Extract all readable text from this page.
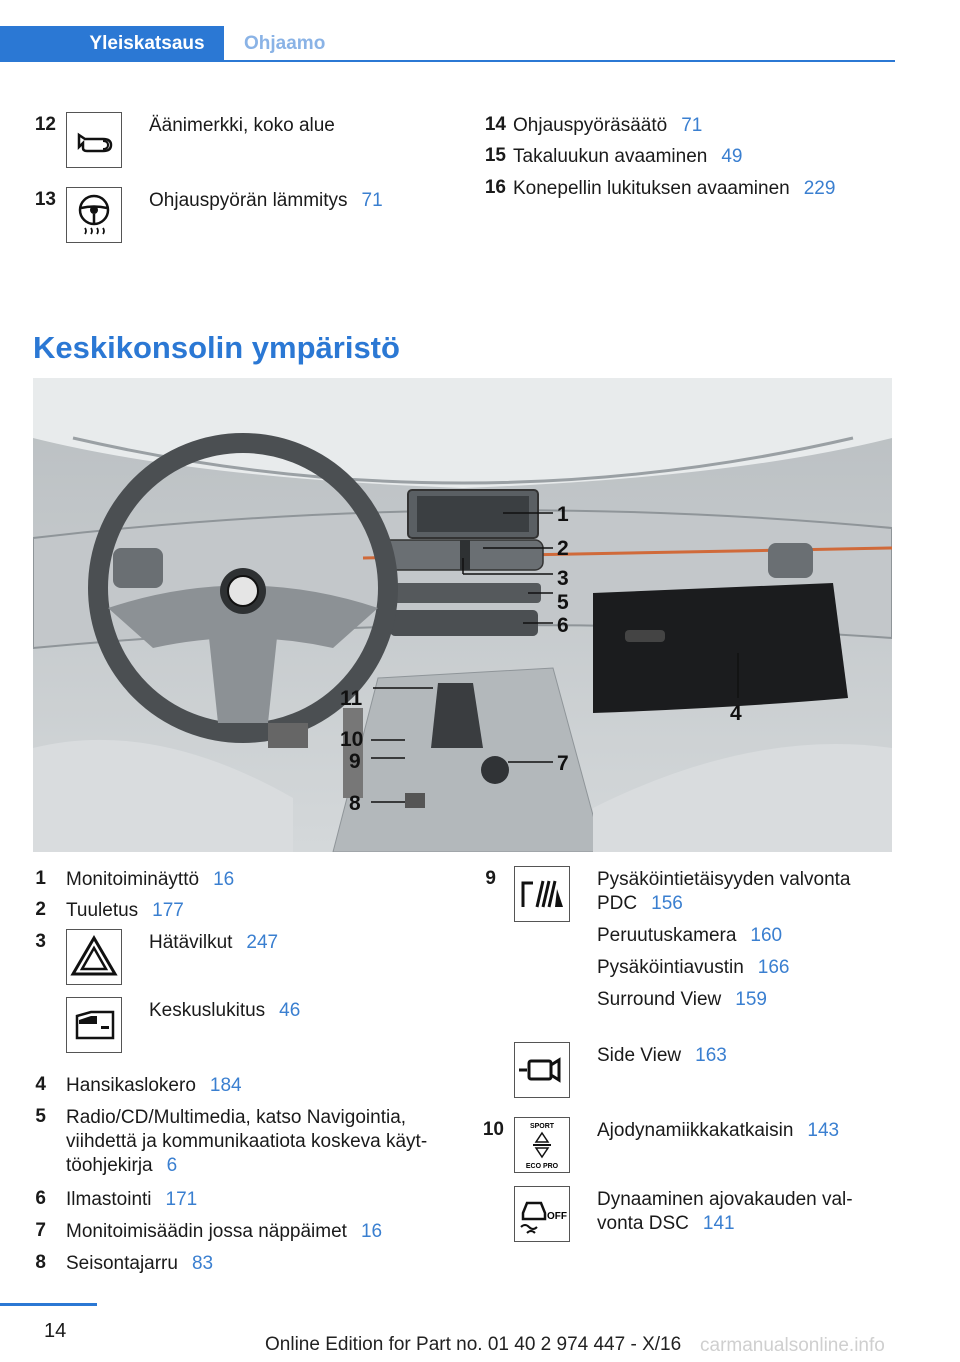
Yleiskatsaus	Ohjaamo
12	Äänimerkki, koko alue
13	Ohjauspyörän lämmitys 71
14 Ohjauspyöräsäätö 71
15 Takaluukun avaaminen 49
16 Konepellin lukituksen avaaminen 229
Keskikonsolin ympäristö
1
2
3
5
6
4
11
10
9	7
8
1 Monitoiminäyttö 16
2 Tuuletus 177
3	Hätävilkut 247
Keskuslukitus 46
4 Hansikaslokero 184
5 Radio/CD/Multimedia, katso Navigointia,
viihdettä ja kommunikaatiota koskeva käyt-
töohjekirja 6
6 Ilmastointi 171
7 Monitoimisäädin jossa näppäimet 16
8 Seisontajarru 83
9	Pysäköintietäisyyden valvonta
PDC 156
Peruutuskamera 160
Pysäköintiavustin 166
Surround View 159
Side View 163
10	SPORT
ECO PRO
Ajodynamiikkakatkaisin 143
OFF
Dynaaminen ajovakauden val-
vonta DSC 141
14
Online Edition for Part no. 01 40 2 974 447 - X/16 carmanualsonline.info
